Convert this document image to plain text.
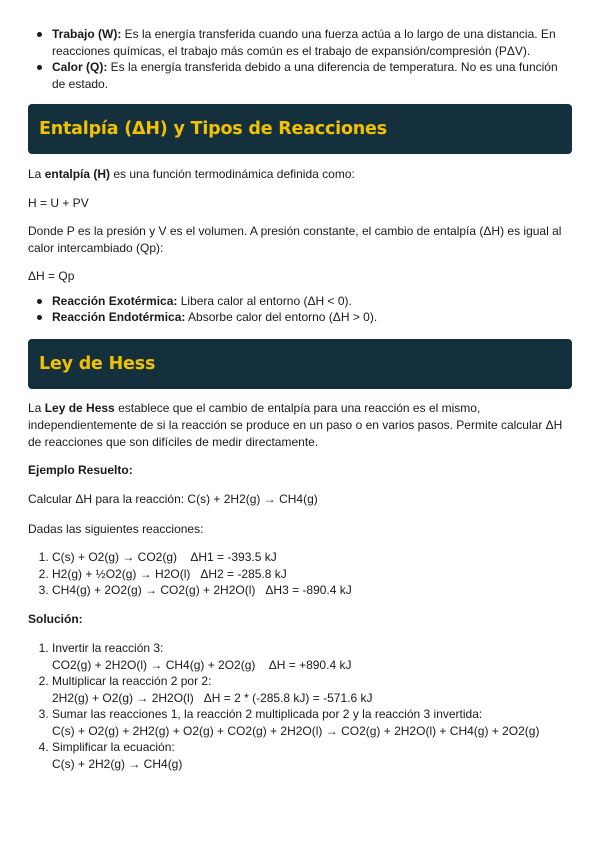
Trabajo (W): Es la energía transferida cuando una fuerza actúa a lo largo de una distancia. En reacciones químicas, el trabajo más común es el trabajo de expansión/compresión (PΔV).
Calor (Q): Es la energía transferida debido a una diferencia de temperatura. No es una función de estado.
Entalpía (ΔH) y Tipos de Reacciones

La entalpía (H) es una función termodinámica definida como:

H = U + PV

Donde P es la presión y V es el volumen. A presión constante, el cambio de entalpía (ΔH) es igual al calor intercambiado (Qp):

ΔH = Qp

Reacción Exotérmica: Libera calor al entorno (ΔH < 0).
Reacción Endotérmica: Absorbe calor del entorno (ΔH > 0).
Ley de Hess

La Ley de Hess establece que el cambio de entalpía para una reacción es el mismo, independientemente de si la reacción se produce en un paso o en varios pasos. Permite calcular ΔH de reacciones que son difíciles de medir directamente.

Ejemplo Resuelto:

Calcular ΔH para la reacción: C(s) + 2H2(g) → CH4(g)

Dadas las siguientes reacciones:

1. C(s) + O2(g) → CO2(g)    ΔH1 = -393.5 kJ
2. H2(g) + ½O2(g) → H2O(l)   ΔH2 = -285.8 kJ
3. CH4(g) + 2O2(g) → CO2(g) + 2H2O(l)   ΔH3 = -890.4 kJ

Solución:

1. Invertir la reacción 3:
CO2(g) + 2H2O(l) → CH4(g) + 2O2(g)    ΔH = +890.4 kJ
2. Multiplicar la reacción 2 por 2:
2H2(g) + O2(g) → 2H2O(l)   ΔH = 2 * (-285.8 kJ) = -571.6 kJ
3. Sumar las reacciones 1, la reacción 2 multiplicada por 2 y la reacción 3 invertida:
C(s) + O2(g) + 2H2(g) + O2(g) + CO2(g) + 2H2O(l) → CO2(g) + 2H2O(l) + CH4(g) + 2O2(g)
4. Simplificar la ecuación:
C(s) + 2H2(g) → CH4(g)
